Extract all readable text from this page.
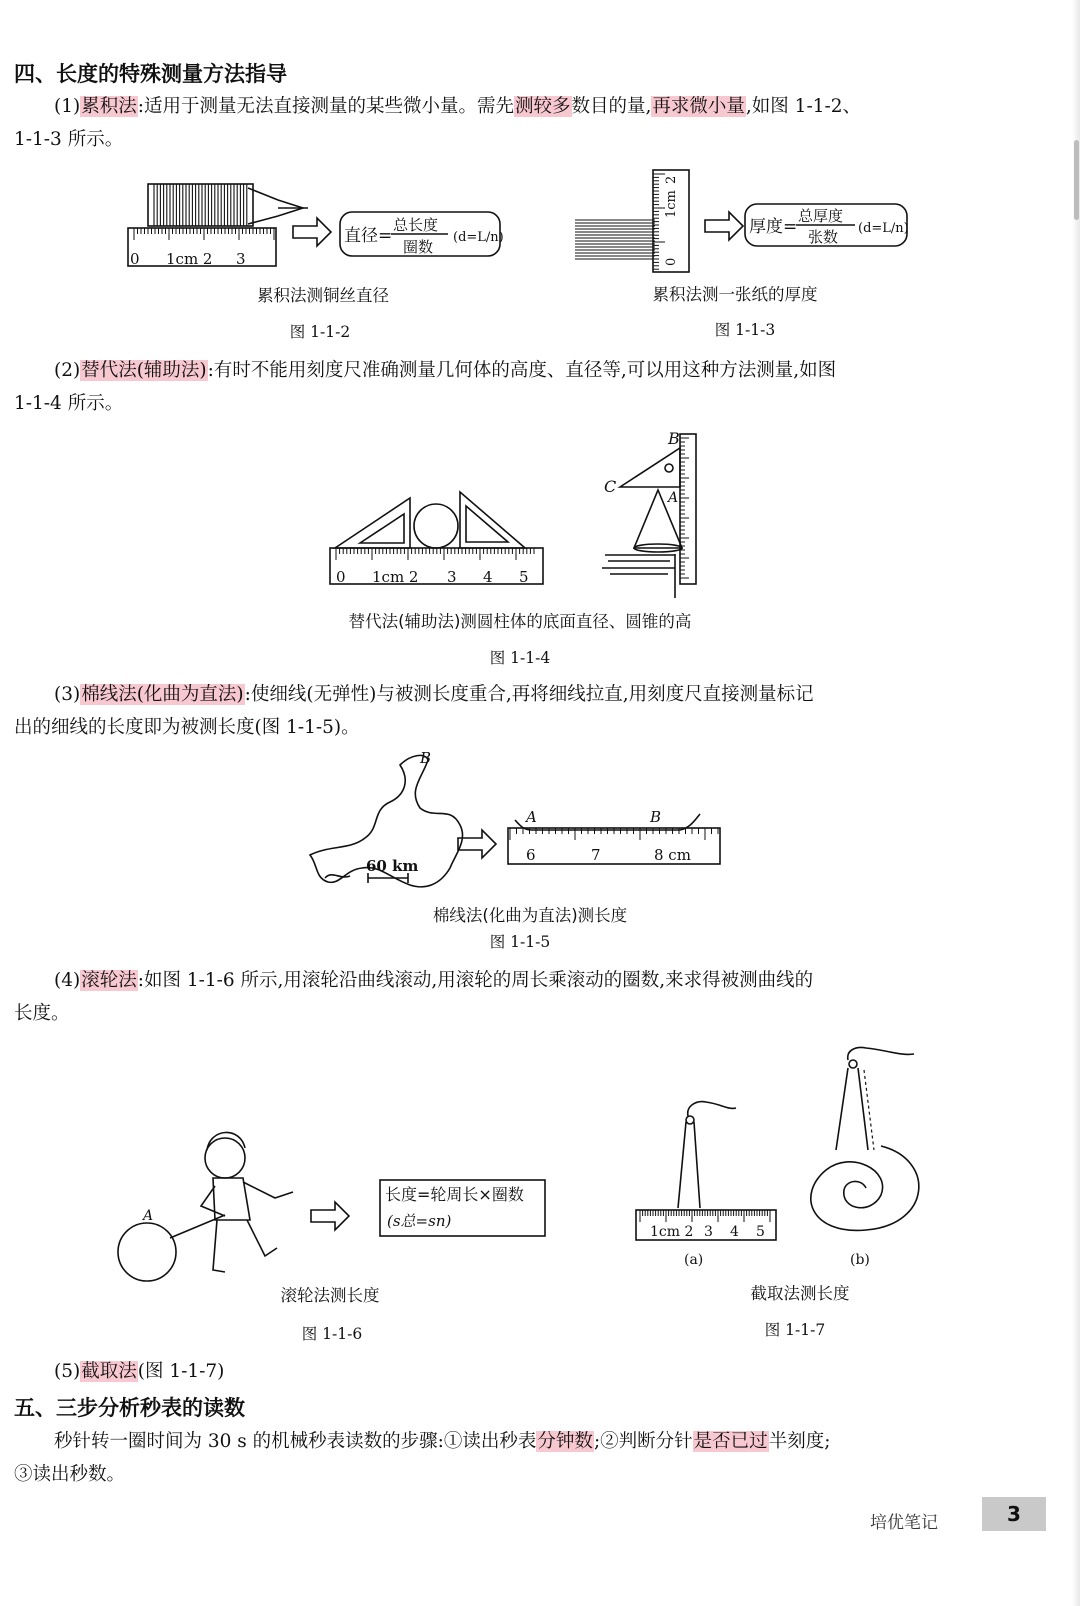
四、长度的特殊测量方法指导
(1)累积法:适用于测量无法直接测量的某些微小量。需先测较多数目的量,再求微小量,如图 1-1-2、
1-1-3 所示。
0 1cm 2 3
直径=
总长度
圈数
(d=L/n)
累积法测铜丝直径
图 1-1-2
2
1cm
0
厚度=
总厚度
张数 (d=L/n)
累积法测一张纸的厚度
图 1-1-3
(2)替代法(辅助法):有时不能用刻度尺准确测量几何体的高度、直径等,可以用这种方法测量,如图
1-1-4 所示。
0 1cm 2 3 4 5
B
C
A
替代法(辅助法)测圆柱体的底面直径、圆锥的高
图 1-1-4
(3)棉线法(化曲为直法):使细线(无弹性)与被测长度重合,再将细线拉直,用刻度尺直接测量标记
出的细线的长度即为被测长度(图 1-1-5)。
60 km
B
A	B
6	7	8 cm
棉线法(化曲为直法)测长度
图 1-1-5
(4)滚轮法:如图 1-1-6 所示,用滚轮沿曲线滚动,用滚轮的周长乘滚动的圈数,来求得被测曲线的
长度。
A
长度=轮周长×圈数
(s总=sn)
滚轮法测长度
图 1-1-6
1cm 2 3 4 5
(a)	(b)
截取法测长度
图 1-1-7
(5)截取法(图 1-1-7)
五、三步分析秒表的读数
秒针转一圈时间为 30 s 的机械秒表读数的步骤:①读出秒表分钟数;②判断分针是否已过半刻度;
③读出秒数。
培优笔记	3
